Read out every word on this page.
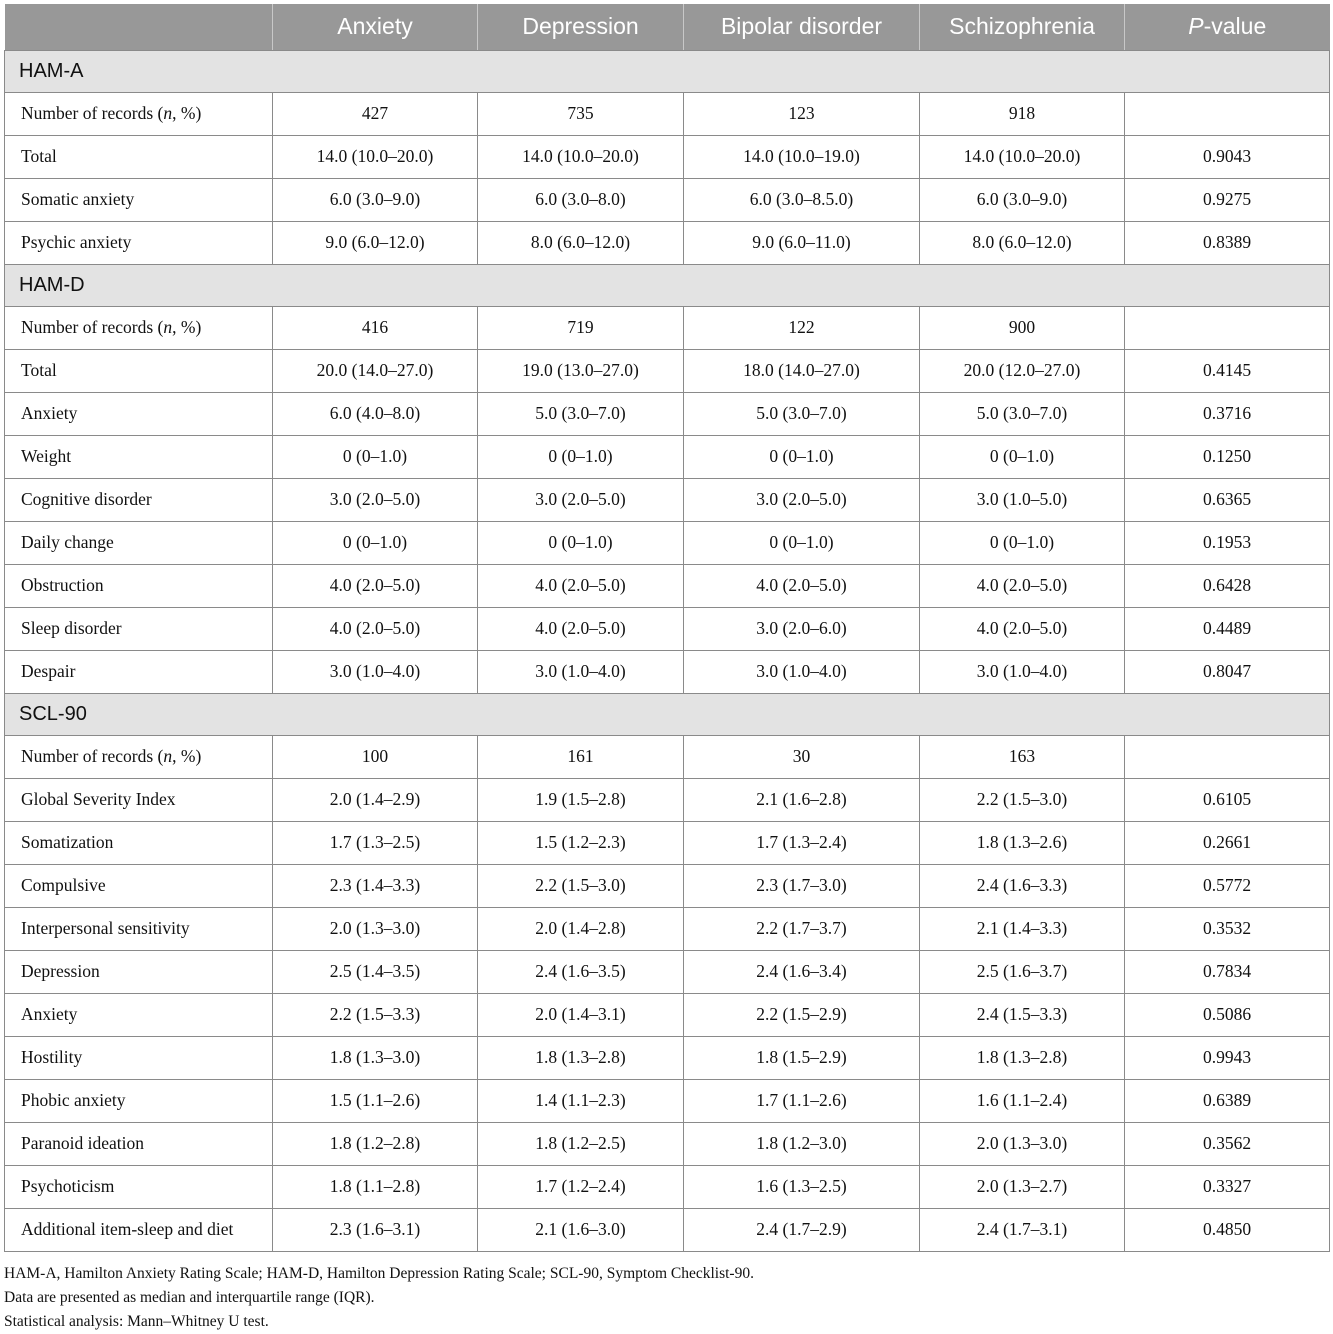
	Anxiety	Depression	Bipolar disorder	Schizophrenia	P-value
HAM-A					
Number of records (n, %)	427	735	123	918	
Total	14.0 (10.0–20.0)	14.0 (10.0–20.0)	14.0 (10.0–19.0)	14.0 (10.0–20.0)	0.9043
Somatic anxiety	6.0 (3.0–9.0)	6.0 (3.0–8.0)	6.0 (3.0–8.5.0)	6.0 (3.0–9.0)	0.9275
Psychic anxiety	9.0 (6.0–12.0)	8.0 (6.0–12.0)	9.0 (6.0–11.0)	8.0 (6.0–12.0)	0.8389
HAM-D					
Number of records (n, %)	416	719	122	900	
Total	20.0 (14.0–27.0)	19.0 (13.0–27.0)	18.0 (14.0–27.0)	20.0 (12.0–27.0)	0.4145
Anxiety	6.0 (4.0–8.0)	5.0 (3.0–7.0)	5.0 (3.0–7.0)	5.0 (3.0–7.0)	0.3716
Weight	0 (0–1.0)	0 (0–1.0)	0 (0–1.0)	0 (0–1.0)	0.1250
Cognitive disorder	3.0 (2.0–5.0)	3.0 (2.0–5.0)	3.0 (2.0–5.0)	3.0 (1.0–5.0)	0.6365
Daily change	0 (0–1.0)	0 (0–1.0)	0 (0–1.0)	0 (0–1.0)	0.1953
Obstruction	4.0 (2.0–5.0)	4.0 (2.0–5.0)	4.0 (2.0–5.0)	4.0 (2.0–5.0)	0.6428
Sleep disorder	4.0 (2.0–5.0)	4.0 (2.0–5.0)	3.0 (2.0–6.0)	4.0 (2.0–5.0)	0.4489
Despair	3.0 (1.0–4.0)	3.0 (1.0–4.0)	3.0 (1.0–4.0)	3.0 (1.0–4.0)	0.8047
SCL-90					
Number of records (n, %)	100	161	30	163	
Global Severity Index	2.0 (1.4–2.9)	1.9 (1.5–2.8)	2.1 (1.6–2.8)	2.2 (1.5–3.0)	0.6105
Somatization	1.7 (1.3–2.5)	1.5 (1.2–2.3)	1.7 (1.3–2.4)	1.8 (1.3–2.6)	0.2661
Compulsive	2.3 (1.4–3.3)	2.2 (1.5–3.0)	2.3 (1.7–3.0)	2.4 (1.6–3.3)	0.5772
Interpersonal sensitivity	2.0 (1.3–3.0)	2.0 (1.4–2.8)	2.2 (1.7–3.7)	2.1 (1.4–3.3)	0.3532
Depression	2.5 (1.4–3.5)	2.4 (1.6–3.5)	2.4 (1.6–3.4)	2.5 (1.6–3.7)	0.7834
Anxiety	2.2 (1.5–3.3)	2.0 (1.4–3.1)	2.2 (1.5–2.9)	2.4 (1.5–3.3)	0.5086
Hostility	1.8 (1.3–3.0)	1.8 (1.3–2.8)	1.8 (1.5–2.9)	1.8 (1.3–2.8)	0.9943
Phobic anxiety	1.5 (1.1–2.6)	1.4 (1.1–2.3)	1.7 (1.1–2.6)	1.6 (1.1–2.4)	0.6389
Paranoid ideation	1.8 (1.2–2.8)	1.8 (1.2–2.5)	1.8 (1.2–3.0)	2.0 (1.3–3.0)	0.3562
Psychoticism	1.8 (1.1–2.8)	1.7 (1.2–2.4)	1.6 (1.3–2.5)	2.0 (1.3–2.7)	0.3327
Additional item-sleep and diet	2.3 (1.6–3.1)	2.1 (1.6–3.0)	2.4 (1.7–2.9)	2.4 (1.7–3.1)	0.4850
HAM-A, Hamilton Anxiety Rating Scale; HAM-D, Hamilton Depression Rating Scale; SCL-90, Symptom Checklist-90.
Data are presented as median and interquartile range (IQR).
Statistical analysis: Mann–Whitney U test.
